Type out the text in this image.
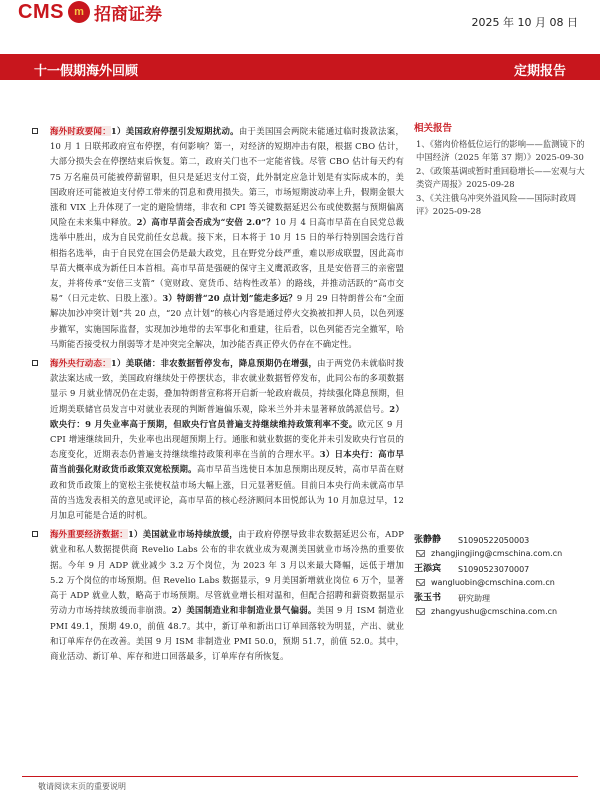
CMS m 招商证券	2025 年 10 月 08 日
十一假期海外回顾	定期报告
海外时政要闻：1）美国政府停摆引发短期扰动。由于美国国会两院未能通过临时拨款法案，10 月 1 日联邦政府宣布停摆，有何影响？第一，对经济的短期冲击有限，根据 CBO 估计，大部分损失会在停摆结束后恢复。第二，政府关门也不一定能省钱。尽管 CBO 估计每天约有 75 万名雇员可能被停薪留职，但只是延迟支付工资，此外制定应急计划是有实际成本的，美国政府还可能被迫支付停工带来的罚息和费用损失。第三，市场短期波动率上升，假期金银大涨和 VIX 上升体现了一定的避险情绪，非农和 CPI 等关键数据延迟公布或使数据与预期偏离风险在未来集中释放。2）高市早苗会否成为“安倍 2.0”？10 月 4 日高市早苗在自民党总裁选举中胜出，成为自民党前任女总裁。接下来，日本将于 10 月 15 日的举行特别国会选行首相指名选举，由于自民党在国会仍是最大政党，且在野党分歧严重，难以形成联盟，因此高市早苗大概率成为新任日本首相。高市早苗是强硬的保守主义鹰派政客，且是安倍晋三的亲密盟友，并将传承“安倍三支箭”（宽财政、宽货币、结构性改革）的路线，并推动活跃的“高市交易”（日元走软、日股上涨）。3）特朗普“20 点计划”能走多远？9 月 29 日特朗普公布“全面解决加沙冲突计划”共 20 点，“20 点计划”的核心内容是通过停火交换被扣押人员，以色列逐步撤军，实施国际监督，实现加沙地带的去军事化和重建，往后看，以色列能否完全撤军，哈马斯能否接受权力削弱等才是冲突完全解决，加沙能否真正停火仍存在不确定性。
海外央行动态：1）美联储：非农数据暂停发布，降息预期仍在增强，由于两党仍未就临时拨款法案达成一致，美国政府继续处于停摆状态，非农就业数据暂停发布，此同公布的多项数据显示 9 月就业情况仍在走弱，叠加特朗普宣称将开启新一轮政府裁员，持续强化降息预期，但近期美联储官员发言中对就业表现的判断普遍偏乐观，除米兰外并未显著释放鸽派信号。2）欧央行：9 月失业率高于预期，但欧央行官员普遍支持继续维持政策利率不变。欧元区 9 月 CPI 增速继续回升，失业率也出现超预期上行。通胀和就业数据的变化并未引发欧央行官员的态度变化，近期表态仍普遍支持继续维持政策利率在当前的合理水平。3）日本央行：高市早苗当前强化财政货币政策双宽松预期。高市早苗当选使日本加息预期出现反转，高市早苗在财政和货币政策上的宽松主张使权益市场大幅上涨，日元显著贬值。目前日本央行尚未就高市早苗的当选发表相关的意见或评论，高市早苗的核心经济顾问本田悦郎认为 10 月加息过早，12 月加息可能是合适的时机。
海外重要经济数据：1）美国就业市场持续放缓，由于政府停摆导致非农数据延迟公布，ADP 就业和私人数据提供商 Revelio Labs 公布的非农就业成为观测美国就业市场冷热的重要依据。今年 9 月 ADP 就业减少 3.2 万个岗位，为 2023 年 3 月以来最大降幅，远低于增加 5.2 万个岗位的市场预期。但 Revelio Labs 数据显示，9 月美国新增就业岗位 6 万个，显著高于 ADP 就业人数，略高于市场预期。尽管就业增长相对温和，但配合招聘和薪资数据显示劳动力市场持续放缓而非崩溃。2）美国制造业和非制造业景气偏弱。美国 9 月 ISM 制造业 PMI 49.1，预期 49.0，前值 48.7。其中，新订单和新出口订单回落较为明显，产出、就业和订单库存仍在改善。美国 9 月 ISM 非制造业 PMI 50.0，预期 51.7，前值 52.0。其中，商业活动、新订单、库存和进口回落最多，订单库存有所恢复。
相关报告
1、《猪肉价格低位运行的影响——监测镜下的中国经济（2025 年第 37 期）》2025-09-30
2、《政策基调或暂时重回稳增长——宏观与大类资产周报》2025-09-28
3、《关注俄乌冲突外溢风险——国际时政周评》2025-09-28
张静静	S1090522050003
zhangjingjing@cmschina.com.cn
王添宾	S1090523070007
wangluobin@cmschina.com.cn
张玉书	研究助理
zhangyushu@cmschina.com.cn
敬请阅读末页的重要说明
